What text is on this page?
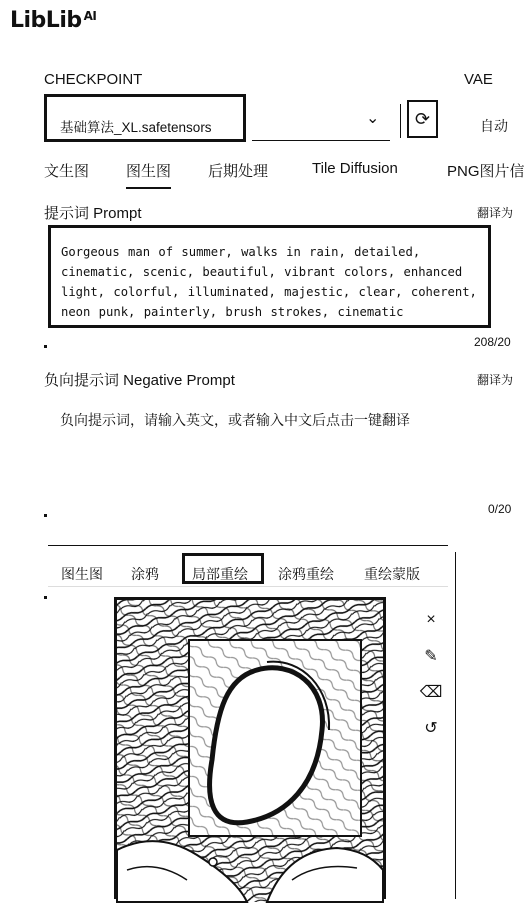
LibLib AI
CHECKPOINT	VAE
基础算法_XL.safetensors
⌄	⟳	自动
文生图 图生图 后期处理	Tile Diffusion	PNG图片信
提示词 Prompt	翻译为
Gorgeous man of summer, walks in rain, detailed, cinematic, scenic, beautiful, vibrant colors, enhanced light, colorful, illuminated, majestic, clear, coherent, neon punk, painterly, brush strokes, cinematic
208/20
负向提示词 Negative Prompt	翻译为
负向提示词，请输入英文，或者输入中文后点击一键翻译
0/20
图生图 涂鸦 局部重绘 涂鸦重绘 重绘蒙版
×
✎
⌫
↺
